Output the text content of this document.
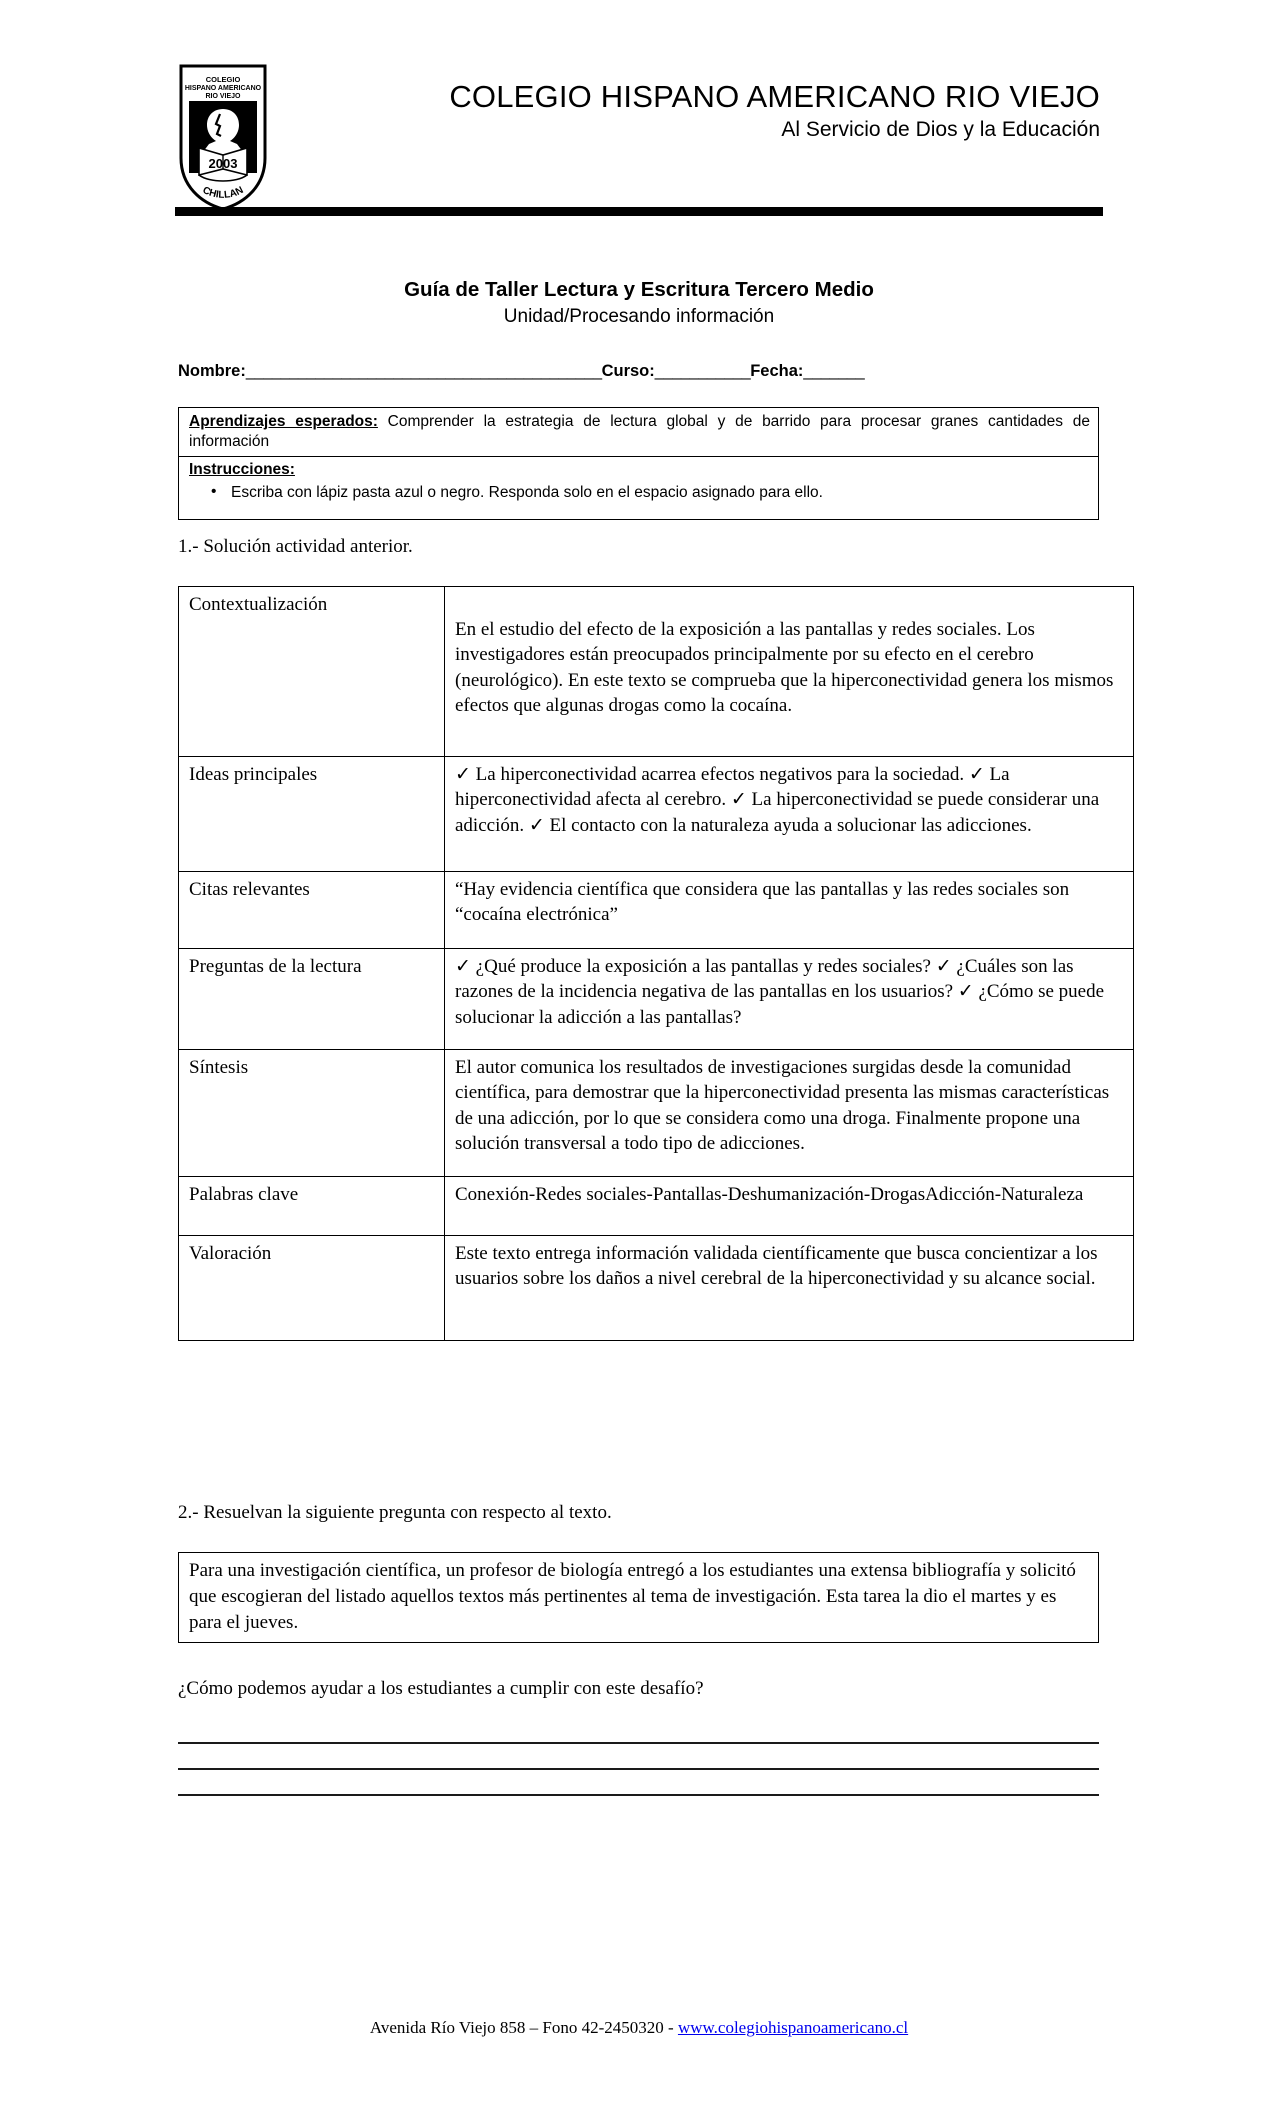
COLEGIO
HISPANO AMERICANO
RIO VIEJO
2003
CHILLAN
COLEGIO HISPANO AMERICANO RIO VIEJO
Al Servicio de Dios y la Educación
Guía de Taller Lectura y Escritura Tercero Medio
Unidad/Procesando información
Nombre:_________________________________________Curso:___________Fecha:_______
Aprendizajes esperados: Comprender la estrategia de lectura global y de barrido para procesar granes cantidades de información
Instrucciones:
• Escriba con lápiz pasta azul o negro. Responda solo en el espacio asignado para ello.
1.- Solución actividad anterior.
Contextualización	En el estudio del efecto de la exposición a las pantallas y redes sociales. Los investigadores están preocupados principalmente por su efecto en el cerebro (neurológico). En este texto se comprueba que la hiperconectividad genera los mismos efectos que algunas drogas como la cocaína.
Ideas principales	✓ La hiperconectividad acarrea efectos negativos para la sociedad. ✓ La hiperconectividad afecta al cerebro. ✓ La hiperconectividad se puede considerar una adicción. ✓ El contacto con la naturaleza ayuda a solucionar las adicciones.
Citas relevantes	“Hay evidencia científica que considera que las pantallas y las redes sociales son “cocaína electrónica”
Preguntas de la lectura	✓ ¿Qué produce la exposición a las pantallas y redes sociales? ✓ ¿Cuáles son las razones de la incidencia negativa de las pantallas en los usuarios? ✓ ¿Cómo se puede solucionar la adicción a las pantallas?
Síntesis	El autor comunica los resultados de investigaciones surgidas desde la comunidad científica, para demostrar que la hiperconectividad presenta las mismas características de una adicción, por lo que se considera como una droga. Finalmente propone una solución transversal a todo tipo de adicciones.
Palabras clave	Conexión-Redes sociales-Pantallas-Deshumanización-DrogasAdicción-Naturaleza
Valoración	Este texto entrega información validada científicamente que busca concientizar a los usuarios sobre los daños a nivel cerebral de la hiperconectividad y su alcance social.
2.- Resuelvan la siguiente pregunta con respecto al texto.
Para una investigación científica, un profesor de biología entregó a los estudiantes una extensa bibliografía y solicitó que escogieran del listado aquellos textos más pertinentes al tema de investigación. Esta tarea la dio el martes y es para el jueves.
¿Cómo podemos ayudar a los estudiantes a cumplir con este desafío?
Avenida Río Viejo 858 – Fono 42-2450320 - www.colegiohispanoamericano.cl
